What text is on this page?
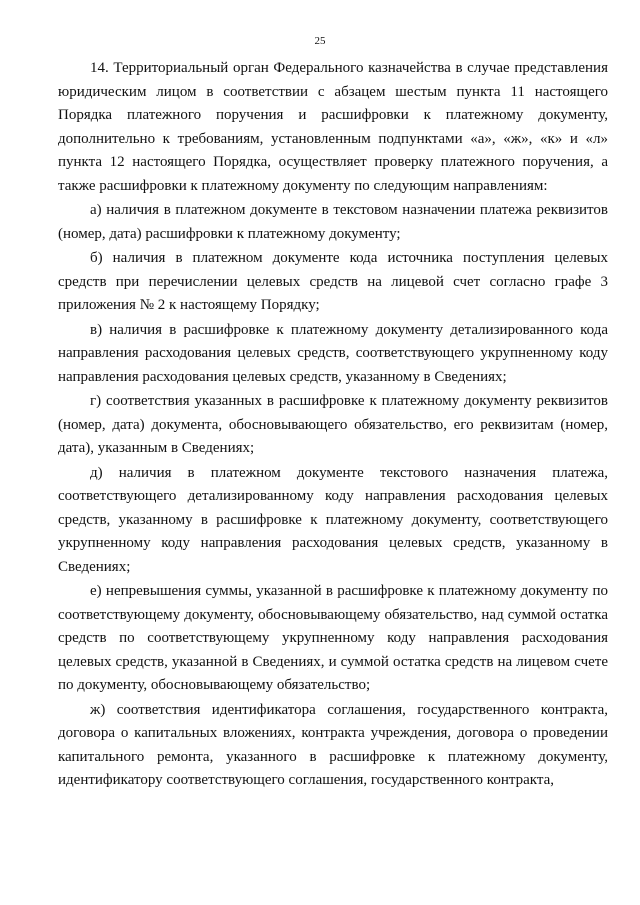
25

14. Территориальный орган Федерального казначейства в случае представления юридическим лицом в соответствии с абзацем шестым пункта 11 настоящего Порядка платежного поручения и расшифровки к платежному документу, дополнительно к требованиям, установленным подпунктами «а», «ж», «к» и «л» пункта 12 настоящего Порядка, осуществляет проверку платежного поручения, а также расшифровки к платежному документу по следующим направлениям:

а) наличия в платежном документе в текстовом назначении платежа реквизитов (номер, дата) расшифровки к платежному документу;

б) наличия в платежном документе кода источника поступления целевых средств при перечислении целевых средств на лицевой счет согласно графе 3 приложения № 2 к настоящему Порядку;

в) наличия в расшифровке к платежному документу детализированного кода направления расходования целевых средств, соответствующего укрупненному коду направления расходования целевых средств, указанному в Сведениях;

г) соответствия указанных в расшифровке к платежному документу реквизитов (номер, дата) документа, обосновывающего обязательство, его реквизитам (номер, дата), указанным в Сведениях;

д) наличия в платежном документе текстового назначения платежа, соответствующего детализированному коду направления расходования целевых средств, указанному в расшифровке к платежному документу, соответствующего укрупненному коду направления расходования целевых средств, указанному в Сведениях;

е) непревышения суммы, указанной в расшифровке к платежному документу по соответствующему документу, обосновывающему обязательство, над суммой остатка средств по соответствующему укрупненному коду направления расходования целевых средств, указанной в Сведениях, и суммой остатка средств на лицевом счете по документу, обосновывающему обязательство;

ж) соответствия идентификатора соглашения, государственного контракта, договора о капитальных вложениях, контракта учреждения, договора о проведении капитального ремонта, указанного в расшифровке к платежному документу, идентификатору соответствующего соглашения, государственного контракта,
